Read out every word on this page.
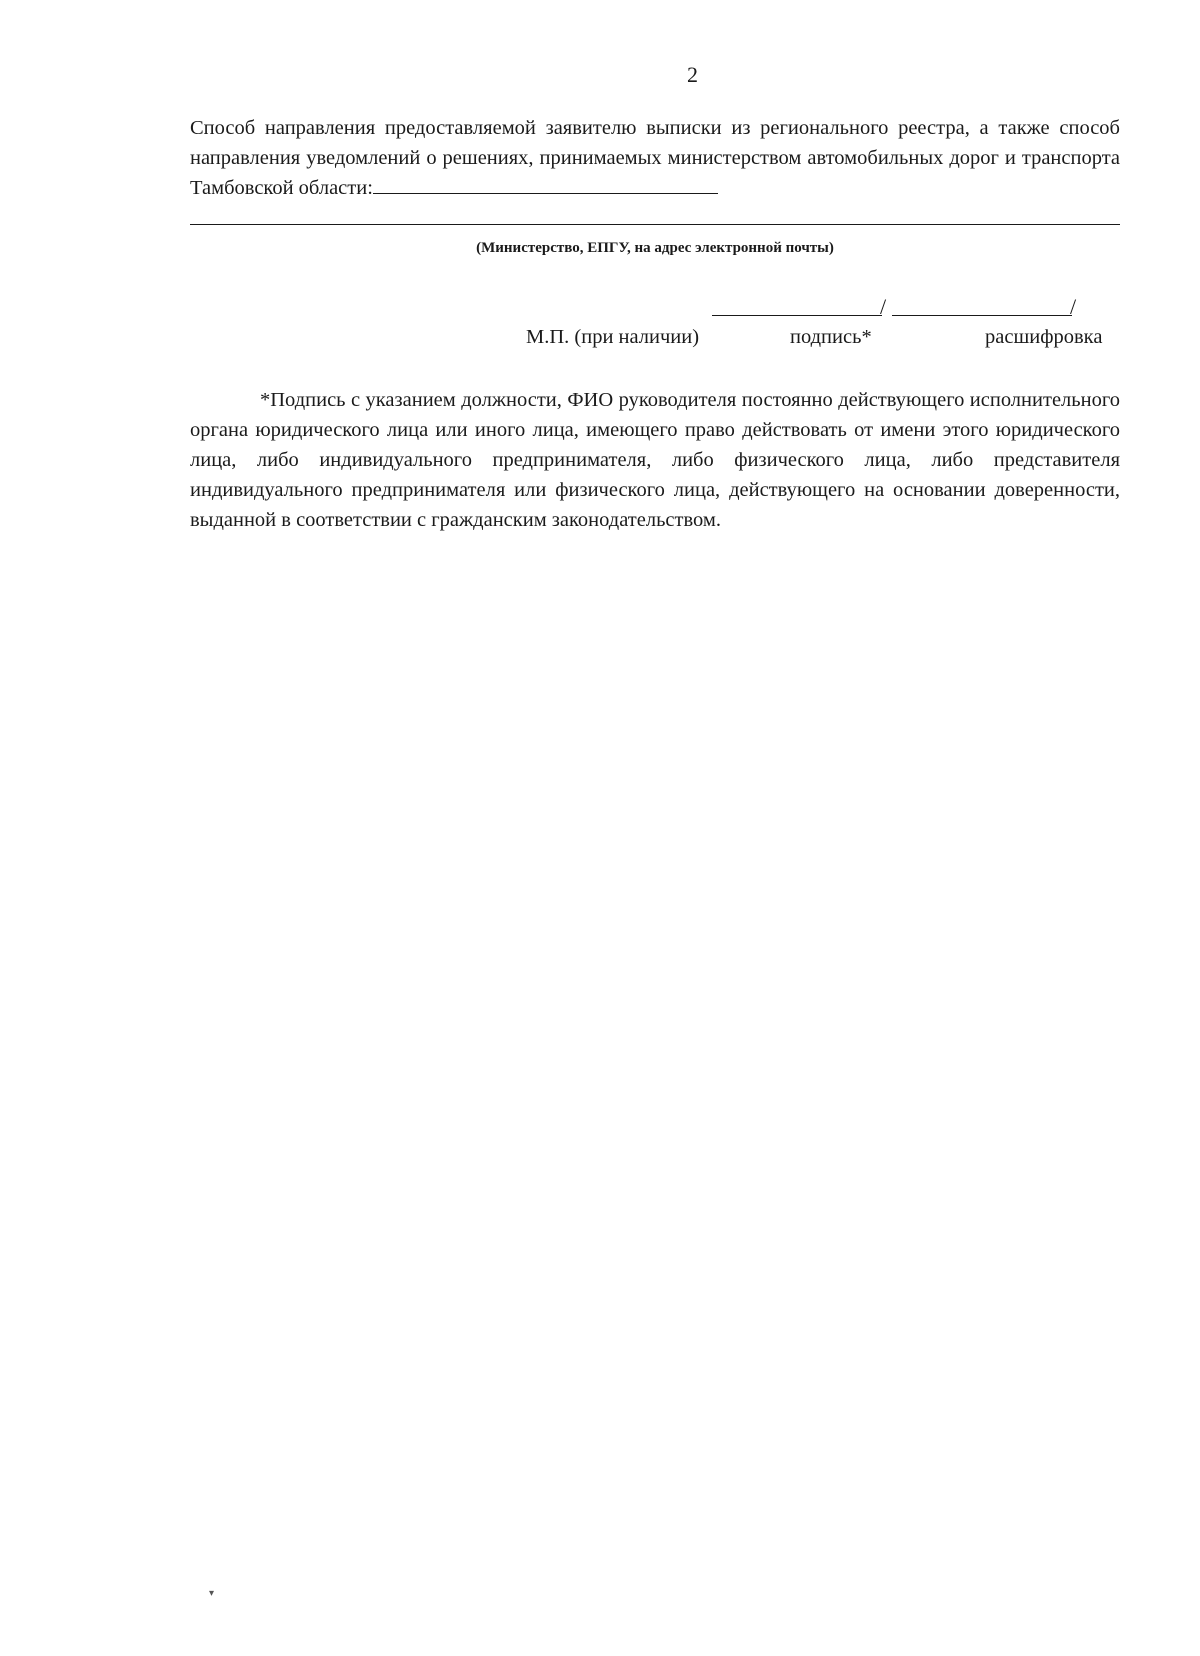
2
Способ направления предоставляемой заявителю выписки из регионального реестра, а также способ направления уведомлений о решениях, принимаемых министерством автомобильных дорог и транспорта Тамбовской области:
(Министерство, ЕПГУ, на адрес электронной почты)
/	/
М.П. (при наличии)	подпись*	расшифровка
*Подпись с указанием должности, ФИО руководителя постоянно действующего исполнительного органа юридического лица или иного лица, имеющего право действовать от имени этого юридического лица, либо индивидуального предпринимателя, либо физического лица, либо представителя индивидуального предпринимателя или физического лица, действующего на основании доверенности, выданной в соответствии с гражданским законодательством.
▾
